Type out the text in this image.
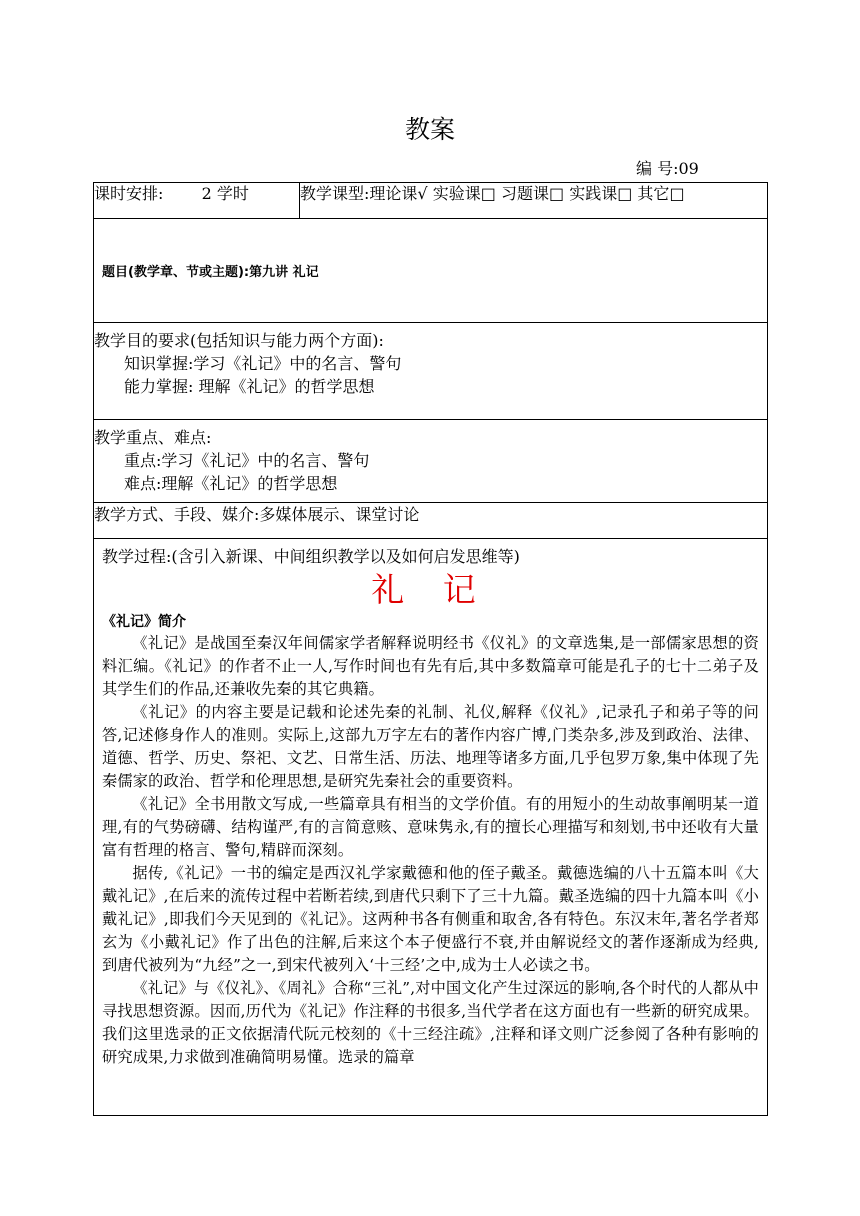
教案
编 号:09
课时安排: 2 学时	教学课型:理论课√ 实验课□ 习题课□ 实践课□ 其它□

题目(教学章、节或主题):第九讲 礼记

教学目的要求(包括知识与能力两个方面):
知识掌握:学习《礼记》中的名言、警句
能力掌握: 理解《礼记》的哲学思想

教学重点、难点:
重点:学习《礼记》中的名言、警句
难点:理解《礼记》的哲学思想

教学方式、手段、媒介:多媒体展示、课堂讨论

教学过程:(含引入新课、中间组织教学以及如何启发思维等)
礼 记
《礼记》简介

《礼记》是战国至秦汉年间儒家学者解释说明经书《仪礼》的文章选集,是一部儒家思想的资料汇编。《礼记》的作者不止一人,写作时间也有先有后,其中多数篇章可能是孔子的七十二弟子及其学生们的作品,还兼收先秦的其它典籍。

《礼记》的内容主要是记载和论述先秦的礼制、礼仪,解释《仪礼》,记录孔子和弟子等的问答,记述修身作人的准则。实际上,这部九万字左右的著作内容广博,门类杂多,涉及到政治、法律、道德、哲学、历史、祭祀、文艺、日常生活、历法、地理等诸多方面,几乎包罗万象,集中体现了先秦儒家的政治、哲学和伦理思想,是研究先秦社会的重要资料。

《礼记》全书用散文写成,一些篇章具有相当的文学价值。有的用短小的生动故事阐明某一道理,有的气势磅礴、结构谨严,有的言简意赅、意味隽永,有的擅长心理描写和刻划,书中还收有大量富有哲理的格言、警句,精辟而深刻。

据传,《礼记》一书的编定是西汉礼学家戴德和他的侄子戴圣。戴德选编的八十五篇本叫《大戴礼记》,在后来的流传过程中若断若续,到唐代只剩下了三十九篇。戴圣选编的四十九篇本叫《小戴礼记》,即我们今天见到的《礼记》。这两种书各有侧重和取舍,各有特色。东汉末年,著名学者郑玄为《小戴礼记》作了出色的注解,后来这个本子便盛行不衰,并由解说经文的著作逐渐成为经典,到唐代被列为“九经”之一,到宋代被列入‘十三经’之中,成为士人必读之书。

《礼记》与《仪礼》、《周礼》合称“三礼”,对中国文化产生过深远的影响,各个时代的人都从中寻找思想资源。因而,历代为《礼记》作注释的书很多,当代学者在这方面也有一些新的研究成果。我们这里选录的正文依据清代阮元校刻的《十三经注疏》,注释和译文则广泛参阅了各种有影响的研究成果,力求做到准确简明易懂。选录的篇章
